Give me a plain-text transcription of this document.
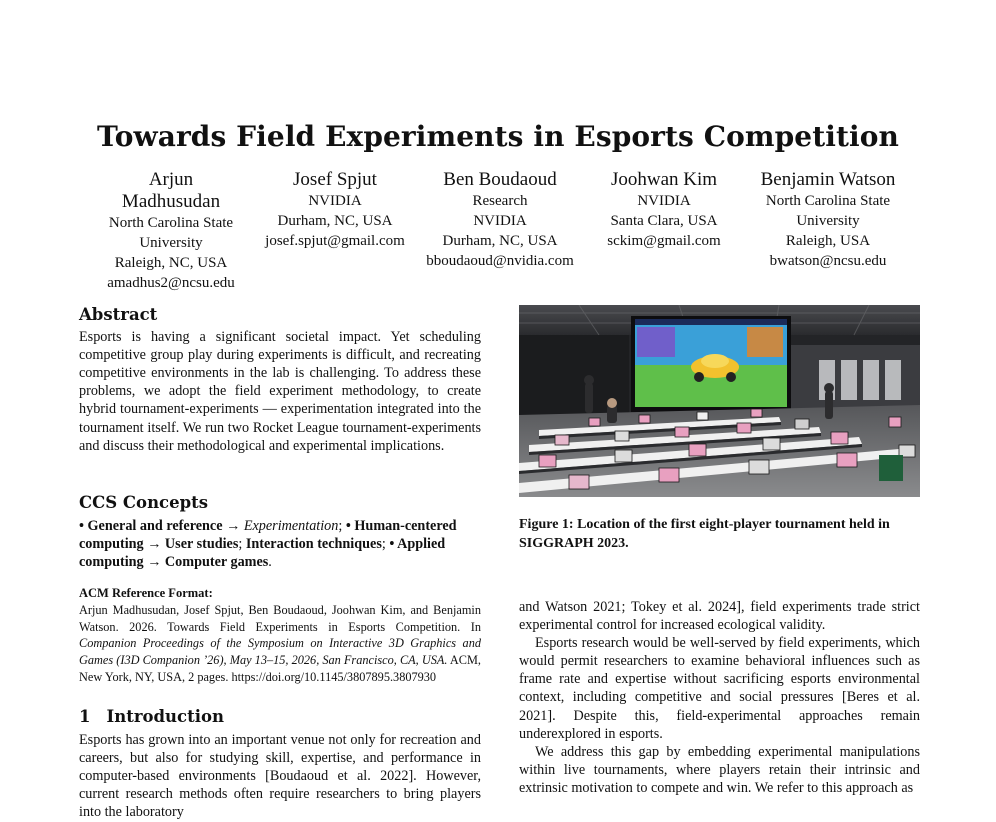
Towards Field Experiments in Esports Competition
Arjun
Madhusudan
North Carolina State
University
Raleigh, NC, USA
amadhus2@ncsu.edu
Josef Spjut
NVIDIA
Durham, NC, USA
josef.spjut@gmail.com
Ben Boudaoud
Research
NVIDIA
Durham, NC, USA
bboudaoud@nvidia.com
Joohwan Kim
NVIDIA
Santa Clara, USA
sckim@gmail.com
Benjamin Watson
North Carolina State
University
Raleigh, USA
bwatson@ncsu.edu
Abstract

Esports is having a significant societal impact. Yet scheduling competitive group play during experiments is difficult, and recreating competitive environments in the lab is challenging. To address these problems, we adopt the field experiment methodology, to create hybrid tournament-experiments — experimentation integrated into the tournament itself. We run two Rocket League tournament-experiments and discuss their methodological and experimental implications.

CCS Concepts

• General and reference → Experimentation; • Human-centered computing → User studies; Interaction techniques; • Applied computing → Computer games.

ACM Reference Format:

Arjun Madhusudan, Josef Spjut, Ben Boudaoud, Joohwan Kim, and Benjamin Watson. 2026. Towards Field Experiments in Esports Competition. In Companion Proceedings of the Symposium on Interactive 3D Graphics and Games (I3D Companion ’26), May 13–15, 2026, San Francisco, CA, USA. ACM, New York, NY, USA, 2 pages. https://doi.org/10.1145/3807895.3807930

1 Introduction

Esports has grown into an important venue not only for recreation and careers, but also for studying skill, expertise, and performance in computer-based environments [Boudaoud et al. 2022]. However, current research methods often require researchers to bring players into the laboratory

Figure 1: Location of the first eight-player tournament held in SIGGRAPH 2023.

and Watson 2021; Tokey et al. 2024], field experiments trade strict experimental control for increased ecological validity.

Esports research would be well-served by field experiments, which would permit researchers to examine behavioral influences such as frame rate and expertise without sacrificing esports environmental context, including competitive and social pressures [Beres et al. 2021]. Despite this, field-experimental approaches remain underexplored in esports.

We address this gap by embedding experimental manipulations within live tournaments, where players retain their intrinsic and extrinsic motivation to compete and win. We refer to this approach as
